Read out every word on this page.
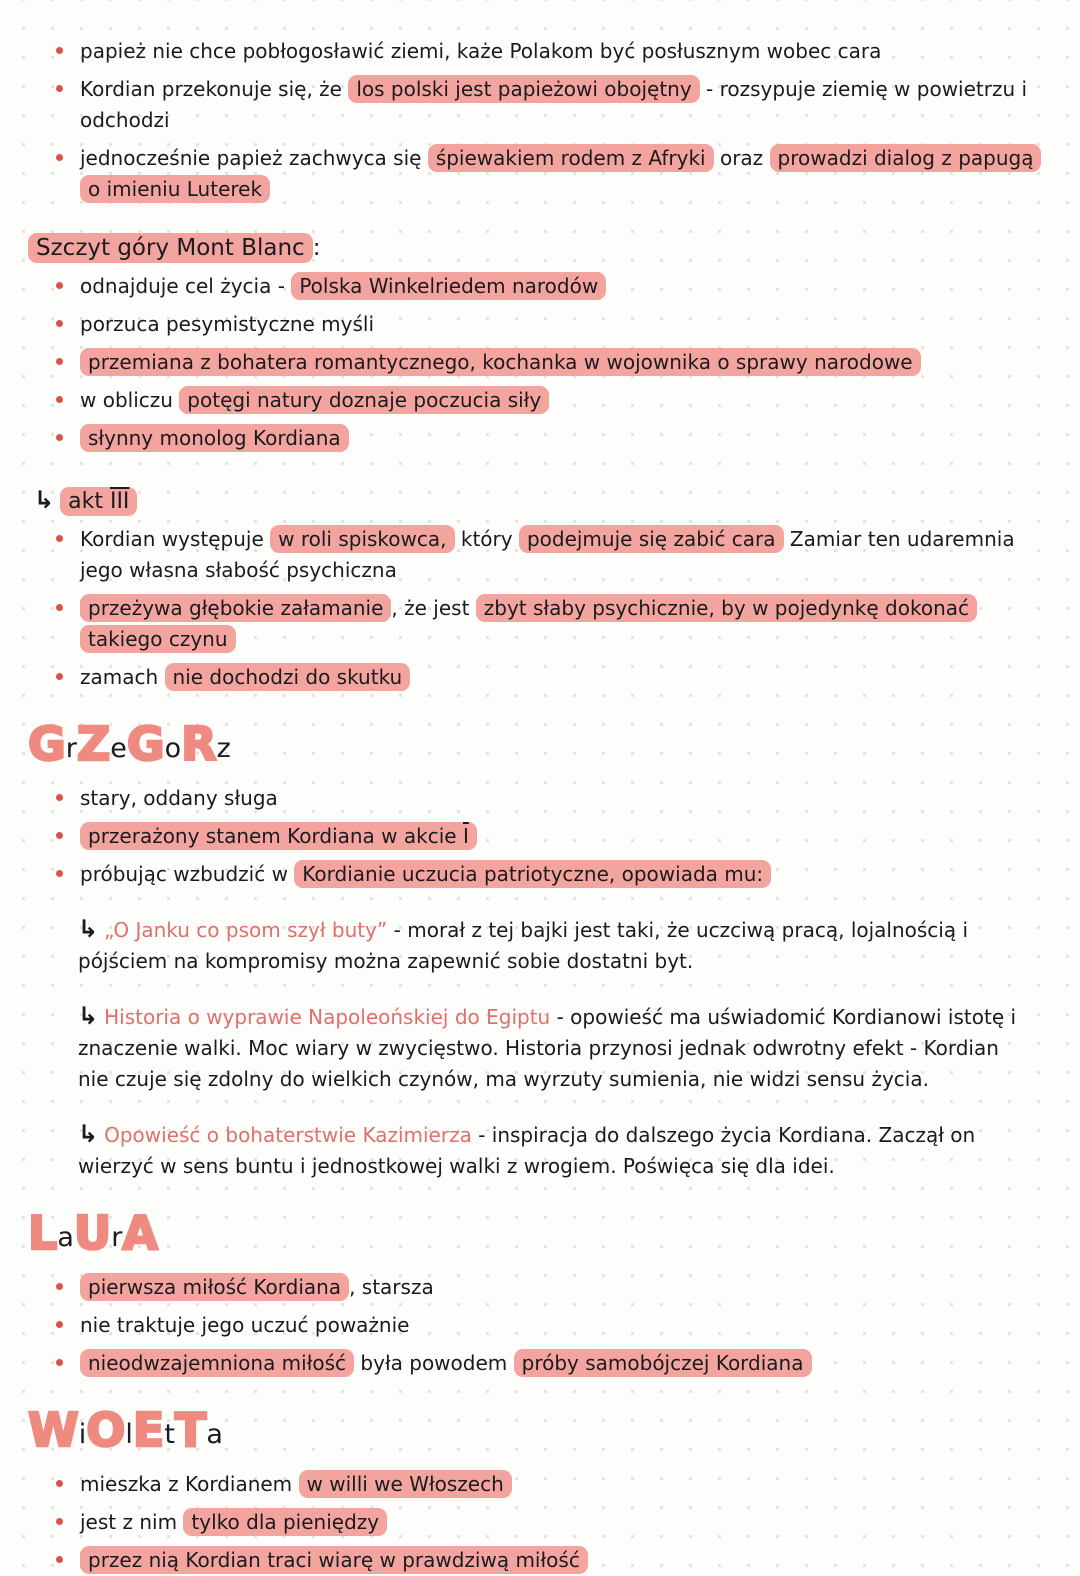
papież nie chce pobłogosławić ziemi, każe Polakom być posłusznym wobec cara
Kordian przekonuje się, że los polski jest papieżowi obojętny - rozsypuje ziemię w powietrzu i odchodzi
jednocześnie papież zachwyca się śpiewakiem rodem z Afryki oraz prowadzi dialog z papugą o imieniu Luterek
Szczyt góry Mont Blanc :
odnajduje cel życia - Polska Winkelriedem narodów
porzuca pesymistyczne myśli
przemiana z bohatera romantycznego, kochanka w wojownika o sprawy narodowe
w obliczu potęgi natury doznaje poczucia siły
słynny monolog Kordiana
↳ akt $\overline{III}$
Kordian występuje w roli spiskowca, który podejmuje się zabić cara Zamiar ten udaremnia jego własna słabość psychiczna
przeżywa głębokie załamanie , że jest zbyt słaby psychicznie, by w pojedynkę dokonać takiego czynu
zamach nie dochodzi do skutku
GrZeGoRz
stary, oddany sługa
przerażony stanem Kordiana w akcie $\overline{I}$
próbując wzbudzić w Kordianie uczucia patriotyczne, opowiada mu:

↳ „O Janku co psom szył buty” - morał z tej bajki jest taki, że uczciwą pracą, lojalnością i pójściem na kompromisy można zapewnić sobie dostatni byt.

↳ Historia o wyprawie Napoleońskiej do Egiptu - opowieść ma uświadomić Kordianowi istotę i znaczenie walki. Moc wiary w zwycięstwo. Historia przynosi jednak odwrotny efekt - Kordian nie czuje się zdolny do wielkich czynów, ma wyrzuty sumienia, nie widzi sensu życia.

↳ Opowieść o bohaterstwie Kazimierza - inspiracja do dalszego życia Kordiana. Zaczął on wierzyć w sens buntu i jednostkowej walki z wrogiem. Poświęca się dla idei.

LaUrA
pierwsza miłość Kordiana , starsza
nie traktuje jego uczuć poważnie
nieodwzajemniona miłość była powodem próby samobójczej Kordiana
WiOlEtTa
mieszka z Kordianem w willi we Włoszech
jest z nim tylko dla pieniędzy
przez nią Kordian traci wiarę w prawdziwą miłość
